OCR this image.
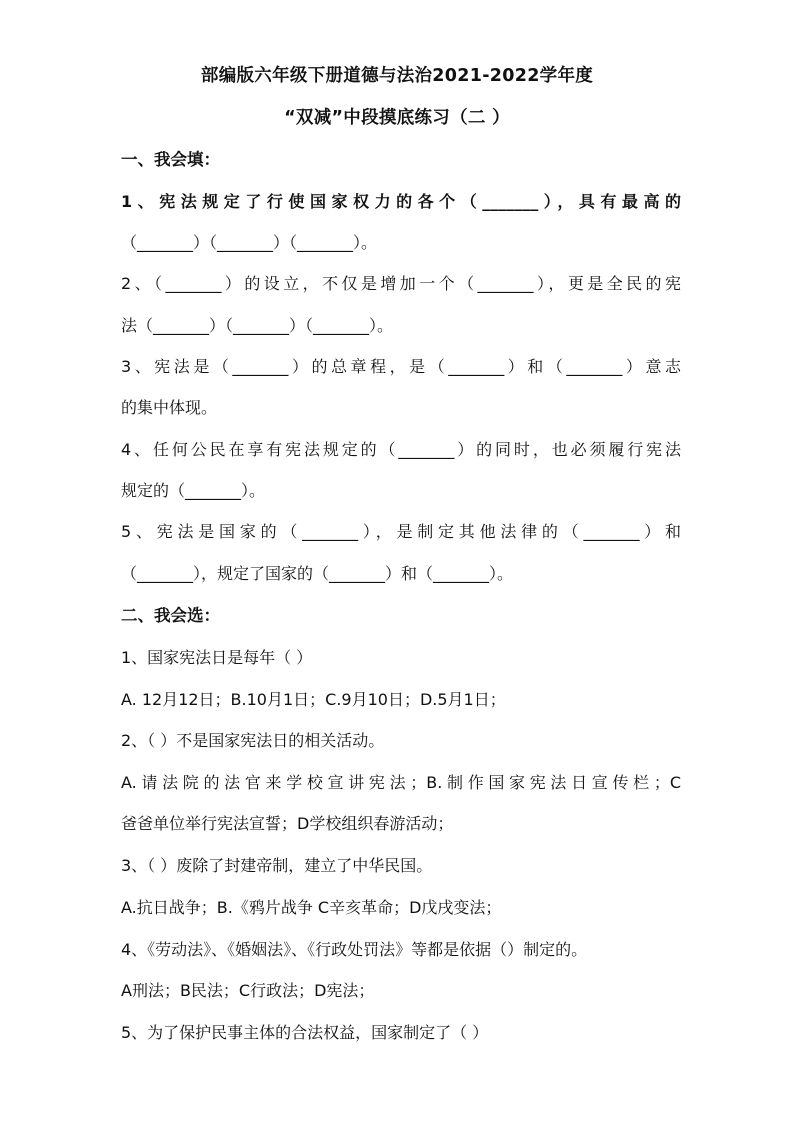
部编版六年级下册道德与法治2021-2022学年度
“双减”中段摸底练习（二 ）
一、我会填：
1、宪法规定了行使国家权力的各个（_______），具有最高的
（_______）（_______）（_______）。
2、（_______）的设立，不仅是增加一个（_______），更是全民的宪
法（_______）（_______）（_______）。
3、宪法是（_______）的总章程，是（_______）和（_______）意志
的集中体现。
4、任何公民在享有宪法规定的（_______）的同时，也必须履行宪法
规定的（_______）。
5、宪法是国家的（_______），是制定其他法律的（_______）和
（_______），规定了国家的（_______）和（_______）。
二、我会选：
1、国家宪法日是每年（ ）
A. 12月12日；B.10月1日；C.9月10日；D.5月1日；
2、（ ）不是国家宪法日的相关活动。
A.请法院的法官来学校宣讲宪法；B.制作国家宪法日宣传栏；C
爸爸单位举行宪法宣誓；D学校组织春游活动；
3、（ ）废除了封建帝制，建立了中华民国。
A.抗日战争；B.《鸦片战争 C辛亥革命；D戊戌变法；
4、《劳动法》、《婚姻法》、《行政处罚法》等都是依据（）制定的。
A刑法；B民法；C行政法；D宪法；
5、为了保护民事主体的合法权益，国家制定了（ ）
